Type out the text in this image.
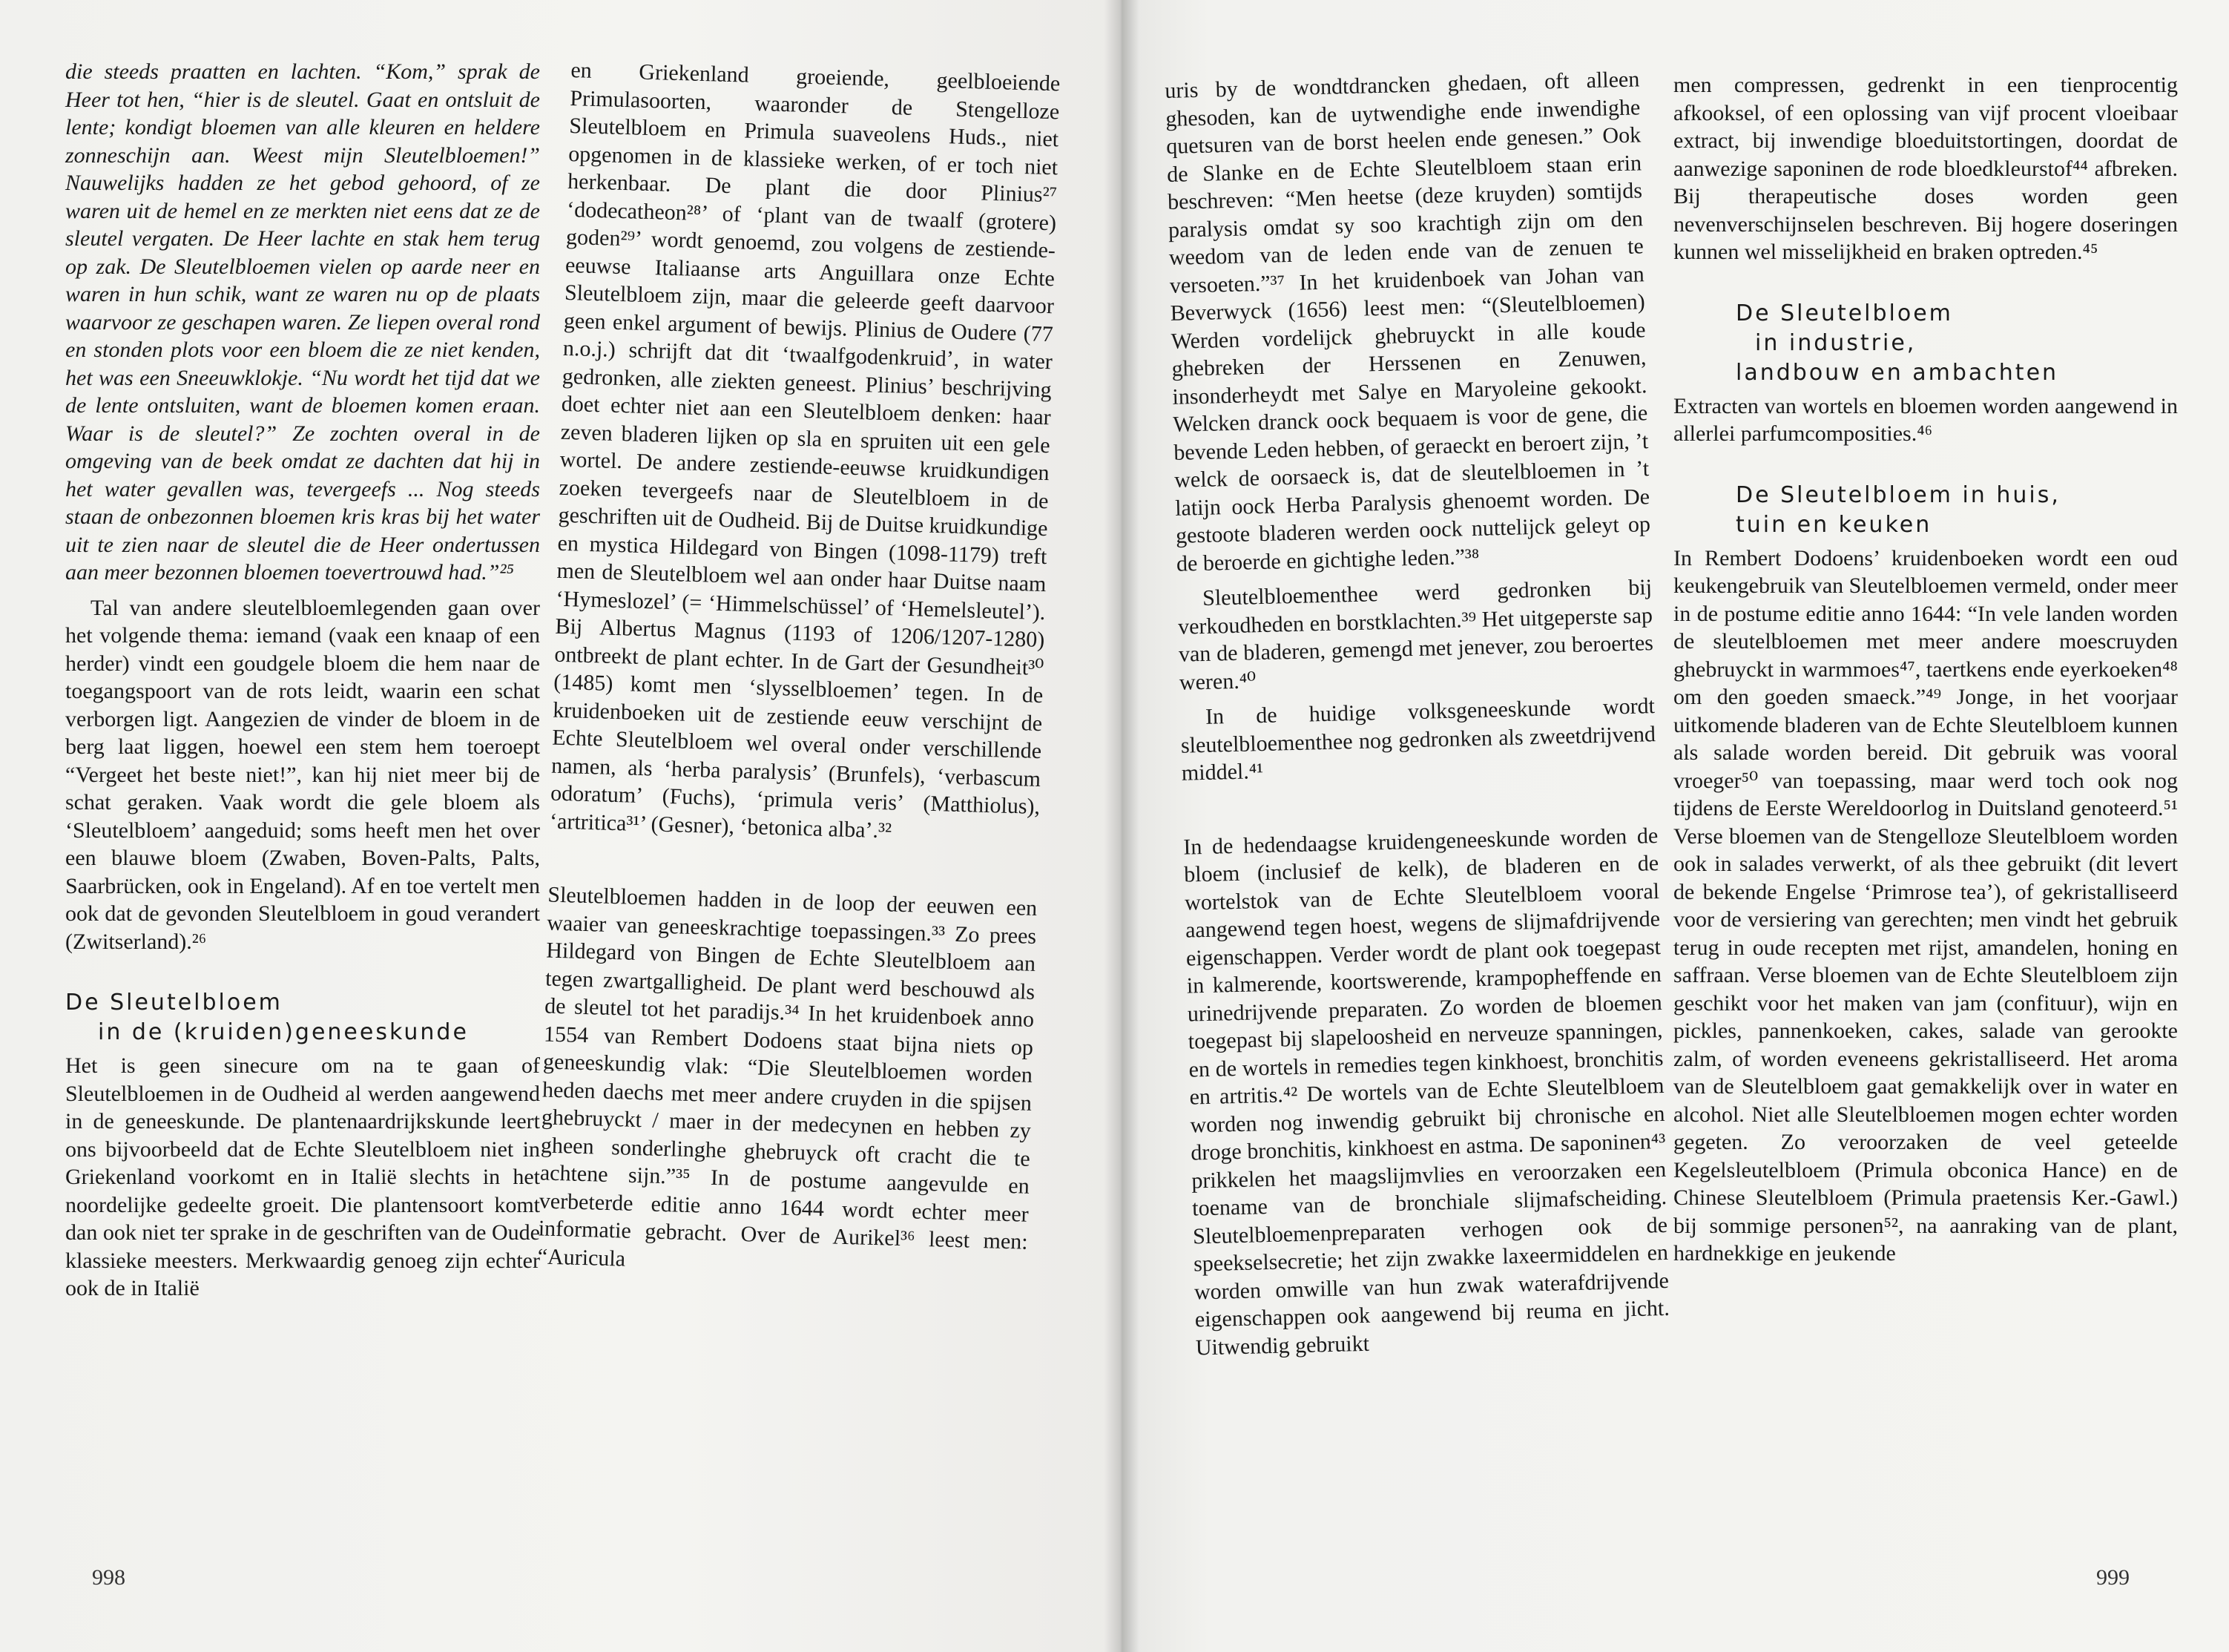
die steeds praatten en lachten. “Kom,” sprak de Heer tot hen, “hier is de sleutel. Gaat en ontsluit de lente; kondigt bloemen van alle kleuren en heldere zonneschijn aan. Weest mijn Sleutelbloemen!” Nauwelijks hadden ze het gebod gehoord, of ze waren uit de hemel en ze merkten niet eens dat ze de sleutel vergaten. De Heer lachte en stak hem terug op zak. De Sleutelbloemen vielen op aarde neer en waren in hun schik, want ze waren nu op de plaats waarvoor ze geschapen waren. Ze liepen overal rond en stonden plots voor een bloem die ze niet kenden, het was een Sneeuwklokje. “Nu wordt het tijd dat we de lente ontsluiten, want de bloemen komen eraan. Waar is de sleutel?” Ze zochten overal in de omgeving van de beek omdat ze dachten dat hij in het water gevallen was, tevergeefs ... Nog steeds staan de onbezonnen bloemen kris kras bij het water uit te zien naar de sleutel die de Heer ondertussen aan meer bezonnen bloemen toevertrouwd had.”²⁵

Tal van andere sleutelbloemlegenden gaan over het volgende thema: iemand (vaak een knaap of een herder) vindt een goudgele bloem die hem naar de toegangspoort van de rots leidt, waarin een schat verborgen ligt. Aangezien de vinder de bloem in de berg laat liggen, hoewel een stem hem toeroept “Vergeet het beste niet!”, kan hij niet meer bij de schat geraken. Vaak wordt die gele bloem als ‘Sleutelbloem’ aangeduid; soms heeft men het over een blauwe bloem (Zwaben, Boven-Palts, Palts, Saarbrücken, ook in Engeland). Af en toe vertelt men ook dat de gevonden Sleutelbloem in goud verandert (Zwitserland).²⁶

De Sleutelbloem
in de (kruiden)geneeskunde

Het is geen sinecure om na te gaan of Sleutelbloemen in de Oudheid al werden aangewend in de geneeskunde. De plantenaardrijkskunde leert ons bijvoorbeeld dat de Echte Sleutelbloem niet in Griekenland voorkomt en in Italië slechts in het noordelijke gedeelte groeit. Die plantensoort komt dan ook niet ter sprake in de geschriften van de Oude klassieke meesters. Merkwaardig genoeg zijn echter ook de in Italië

en Griekenland groeiende, geelbloeiende Primulasoorten, waaronder de Stengelloze Sleutelbloem en Primula suaveolens Huds., niet opgenomen in de klassieke werken, of er toch niet herkenbaar. De plant die door Plinius²⁷ ‘dodecatheon²⁸’ of ‘plant van de twaalf (grotere) goden²⁹’ wordt genoemd, zou volgens de zestiende-eeuwse Italiaanse arts Anguillara onze Echte Sleutelbloem zijn, maar die geleerde geeft daarvoor geen enkel argument of bewijs. Plinius de Oudere (77 n.o.j.) schrijft dat dit ‘twaalfgodenkruid’, in water gedronken, alle ziekten geneest. Plinius’ beschrijving doet echter niet aan een Sleutelbloem denken: haar zeven bladeren lijken op sla en spruiten uit een gele wortel. De andere zestiende-eeuwse kruidkundigen zoeken tevergeefs naar de Sleutelbloem in de geschriften uit de Oudheid. Bij de Duitse kruidkundige en mystica Hildegard von Bingen (1098-1179) treft men de Sleutelbloem wel aan onder haar Duitse naam ‘Hymeslozel’ (= ‘Himmelschüssel’ of ‘Hemelsleutel’). Bij Albertus Magnus (1193 of 1206/1207-1280) ontbreekt de plant echter. In de Gart der Gesundheit³⁰ (1485) komt men ‘slysselbloemen’ tegen. In de kruidenboeken uit de zestiende eeuw verschijnt de Echte Sleutelbloem wel overal onder verschillende namen, als ‘herba paralysis’ (Brunfels), ‘verbascum odoratum’ (Fuchs), ‘primula veris’ (Matthiolus), ‘artritica³¹’ (Gesner), ‘betonica alba’.³²

Sleutelbloemen hadden in de loop der eeuwen een waaier van geneeskrachtige toepassingen.³³ Zo prees Hildegard von Bingen de Echte Sleutelbloem aan tegen zwartgalligheid. De plant werd beschouwd als de sleutel tot het paradijs.³⁴ In het kruidenboek anno 1554 van Rembert Dodoens staat bijna niets op geneeskundig vlak: “Die Sleutelbloemen worden heden daechs met meer andere cruyden in die spijsen ghebruyckt / maer in der medecynen en hebben zy gheen sonderlinghe ghebruyck oft cracht die te achtene sijn.”³⁵ In de postume aangevulde en verbeterde editie anno 1644 wordt echter meer informatie gebracht. Over de Aurikel³⁶ leest men: “Auricula

998	999

uris by de wondtdrancken ghedaen, oft alleen ghesoden, kan de uytwendighe ende inwendighe quetsuren van de borst heelen ende genesen.” Ook de Slanke en de Echte Sleutelbloem staan erin beschreven: “Men heetse (deze kruyden) somtijds paralysis omdat sy soo krachtigh zijn om den weedom van de leden ende van de zenuen te versoeten.”³⁷ In het kruidenboek van Johan van Beverwyck (1656) leest men: “(Sleutelbloemen) Werden vordelijck ghebruyckt in alle koude ghebreken der Herssenen en Zenuwen, insonderheydt met Salye en Maryoleine gekookt. Welcken dranck oock bequaem is voor de gene, die bevende Leden hebben, of geraeckt en beroert zijn, ’t welck de oorsaeck is, dat de sleutelbloemen in ’t latijn oock Herba Paralysis ghenoemt worden. De gestoote bladeren werden oock nuttelijck geleyt op de beroerde en gichtighe leden.”³⁸

Sleutelbloementhee werd gedronken bij verkoudheden en borstklachten.³⁹ Het uitgeperste sap van de bladeren, gemengd met jenever, zou beroertes weren.⁴⁰

In de huidige volksgeneeskunde wordt sleutelbloementhee nog gedronken als zweetdrijvend middel.⁴¹

In de hedendaagse kruidengeneeskunde worden de bloem (inclusief de kelk), de bladeren en de wortelstok van de Echte Sleutelbloem vooral aangewend tegen hoest, wegens de slijmafdrijvende eigenschappen. Verder wordt de plant ook toegepast in kalmerende, koortswerende, krampopheffende en urinedrijvende preparaten. Zo worden de bloemen toegepast bij slapeloosheid en nerveuze spanningen, en de wortels in remedies tegen kinkhoest, bronchitis en artritis.⁴² De wortels van de Echte Sleutelbloem worden nog inwendig gebruikt bij chronische en droge bronchitis, kinkhoest en astma. De saponinen⁴³ prikkelen het maagslijmvlies en veroorzaken een toename van de bronchiale slijmafscheiding. Sleutelbloemenpreparaten verhogen ook de speekselsecretie; het zijn zwakke laxeermiddelen en worden omwille van hun zwak waterafdrijvende eigenschappen ook aangewend bij reuma en jicht. Uitwendig gebruikt

men compressen, gedrenkt in een tienprocentig afkooksel, of een oplossing van vijf procent vloeibaar extract, bij inwendige bloeduitstortingen, doordat de aanwezige saponinen de rode bloedkleurstof⁴⁴ afbreken. Bij therapeutische doses worden geen nevenverschijnselen beschreven. Bij hogere doseringen kunnen wel misselijkheid en braken optreden.⁴⁵

De Sleutelbloem
in industrie,
landbouw en ambachten

Extracten van wortels en bloemen worden aangewend in allerlei parfumcomposities.⁴⁶

De Sleutelbloem in huis,
tuin en keuken

In Rembert Dodoens’ kruidenboeken wordt een oud keukengebruik van Sleutelbloemen vermeld, onder meer in de postume editie anno 1644: “In vele landen worden de sleutelbloemen met meer andere moescruyden ghebruyckt in warmmoes⁴⁷, taertkens ende eyerkoeken⁴⁸ om den goeden smaeck.”⁴⁹ Jonge, in het voorjaar uitkomende bladeren van de Echte Sleutelbloem kunnen als salade worden bereid. Dit gebruik was vooral vroeger⁵⁰ van toepassing, maar werd toch ook nog tijdens de Eerste Wereldoorlog in Duitsland genoteerd.⁵¹ Verse bloemen van de Stengelloze Sleutelbloem worden ook in salades verwerkt, of als thee gebruikt (dit levert de bekende Engelse ‘Primrose tea’), of gekristalliseerd voor de versiering van gerechten; men vindt het gebruik terug in oude recepten met rijst, amandelen, honing en saffraan. Verse bloemen van de Echte Sleutelbloem zijn geschikt voor het maken van jam (confituur), wijn en pickles, pannenkoeken, cakes, salade van gerookte zalm, of worden eveneens gekristalliseerd. Het aroma van de Sleutelbloem gaat gemakkelijk over in water en alcohol. Niet alle Sleutelbloemen mogen echter worden gegeten. Zo veroorzaken de veel geteelde Kegelsleutelbloem (Primula obconica Hance) en de Chinese Sleutelbloem (Primula praetensis Ker.-Gawl.) bij sommige personen⁵², na aanraking van de plant, hardnekkige en jeukende
